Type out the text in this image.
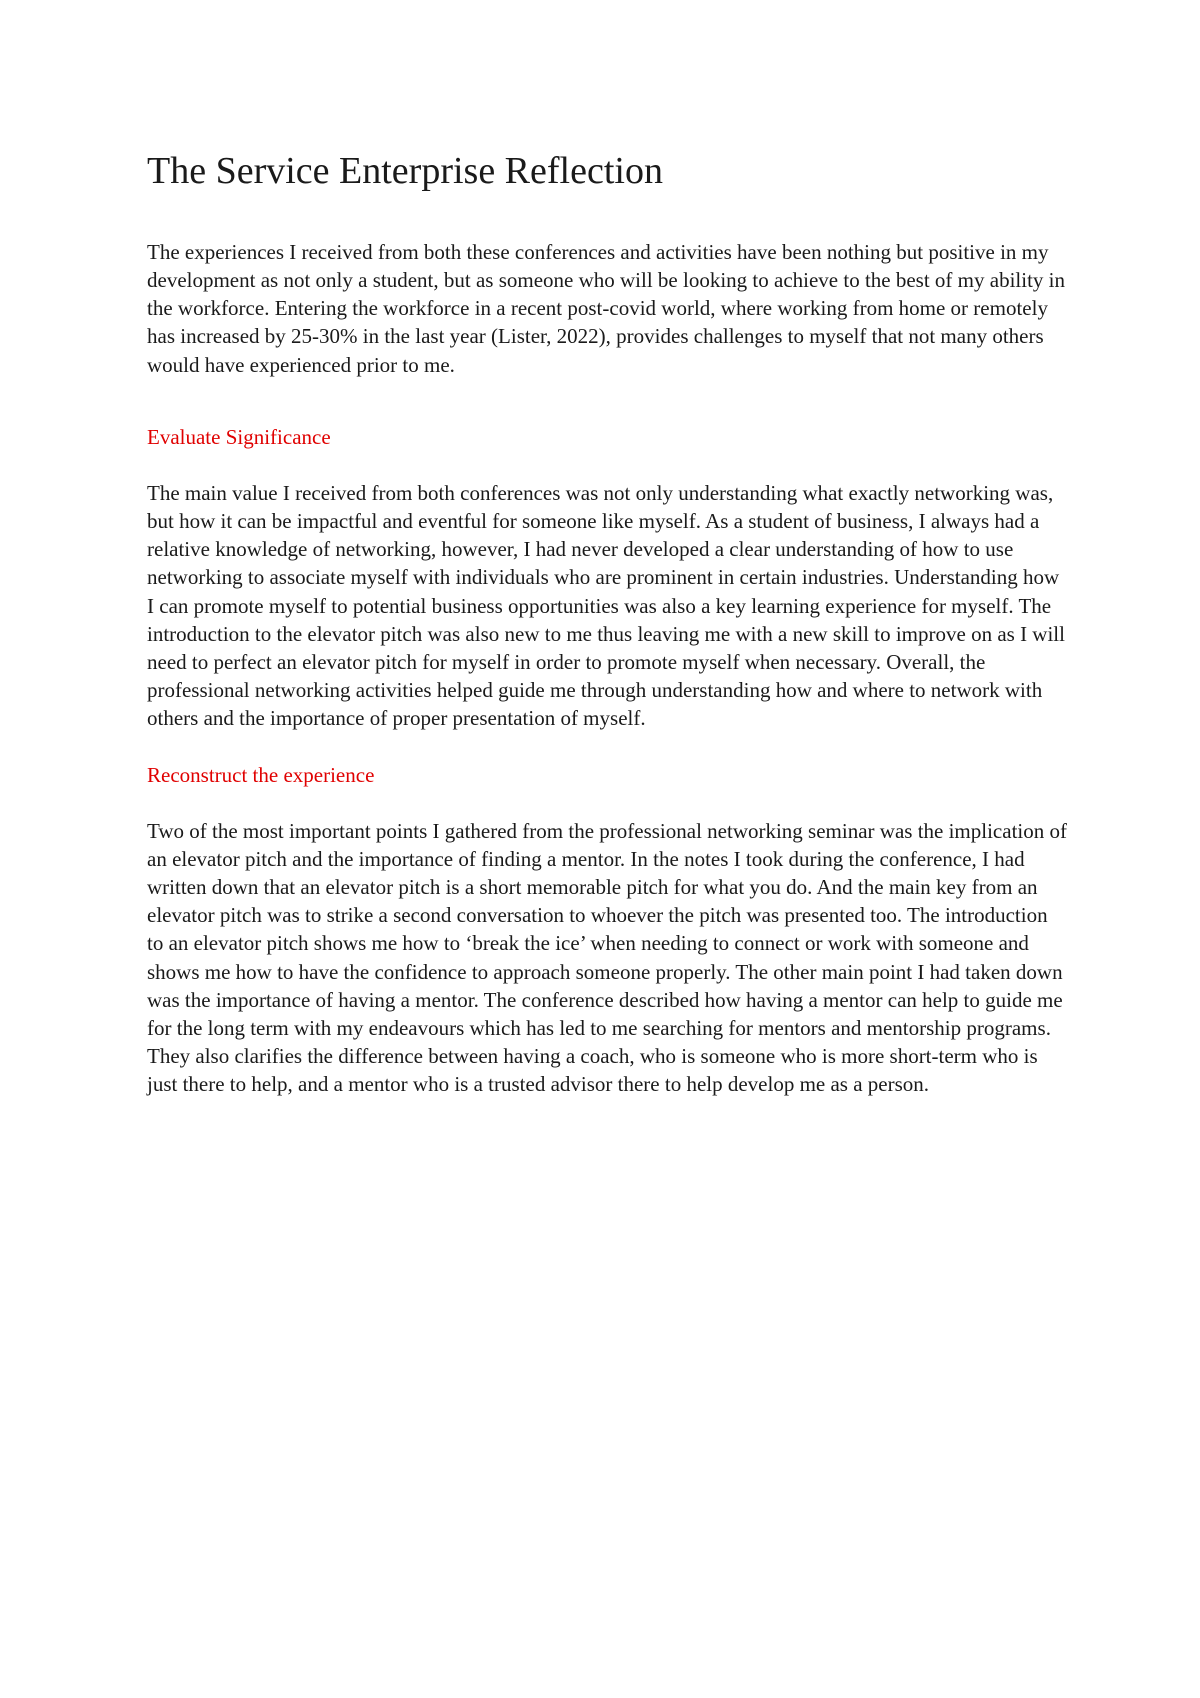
The Service Enterprise Reflection

The experiences I received from both these conferences and activities have been nothing but positive in my development as not only a student, but as someone who will be looking to achieve to the best of my ability in the workforce. Entering the workforce in a recent post-covid world, where working from home or remotely has increased by 25-30% in the last year (Lister, 2022), provides challenges to myself that not many others would have experienced prior to me.

Evaluate Significance

The main value I received from both conferences was not only understanding what exactly networking was, but how it can be impactful and eventful for someone like myself. As a student of business, I always had a relative knowledge of networking, however, I had never developed a clear understanding of how to use networking to associate myself with individuals who are prominent in certain industries. Understanding how I can promote myself to potential business opportunities was also a key learning experience for myself. The introduction to the elevator pitch was also new to me thus leaving me with a new skill to improve on as I will need to perfect an elevator pitch for myself in order to promote myself when necessary. Overall, the professional networking activities helped guide me through understanding how and where to network with others and the importance of proper presentation of myself.

Reconstruct the experience

Two of the most important points I gathered from the professional networking seminar was the implication of an elevator pitch and the importance of finding a mentor. In the notes I took during the conference, I had written down that an elevator pitch is a short memorable pitch for what you do. And the main key from an elevator pitch was to strike a second conversation to whoever the pitch was presented too. The introduction to an elevator pitch shows me how to ‘break the ice’ when needing to connect or work with someone and shows me how to have the confidence to approach someone properly. The other main point I had taken down was the importance of having a mentor. The conference described how having a mentor can help to guide me for the long term with my endeavours which has led to me searching for mentors and mentorship programs. They also clarifies the difference between having a coach, who is someone who is more short-term who is just there to help, and a mentor who is a trusted advisor there to help develop me as a person.
